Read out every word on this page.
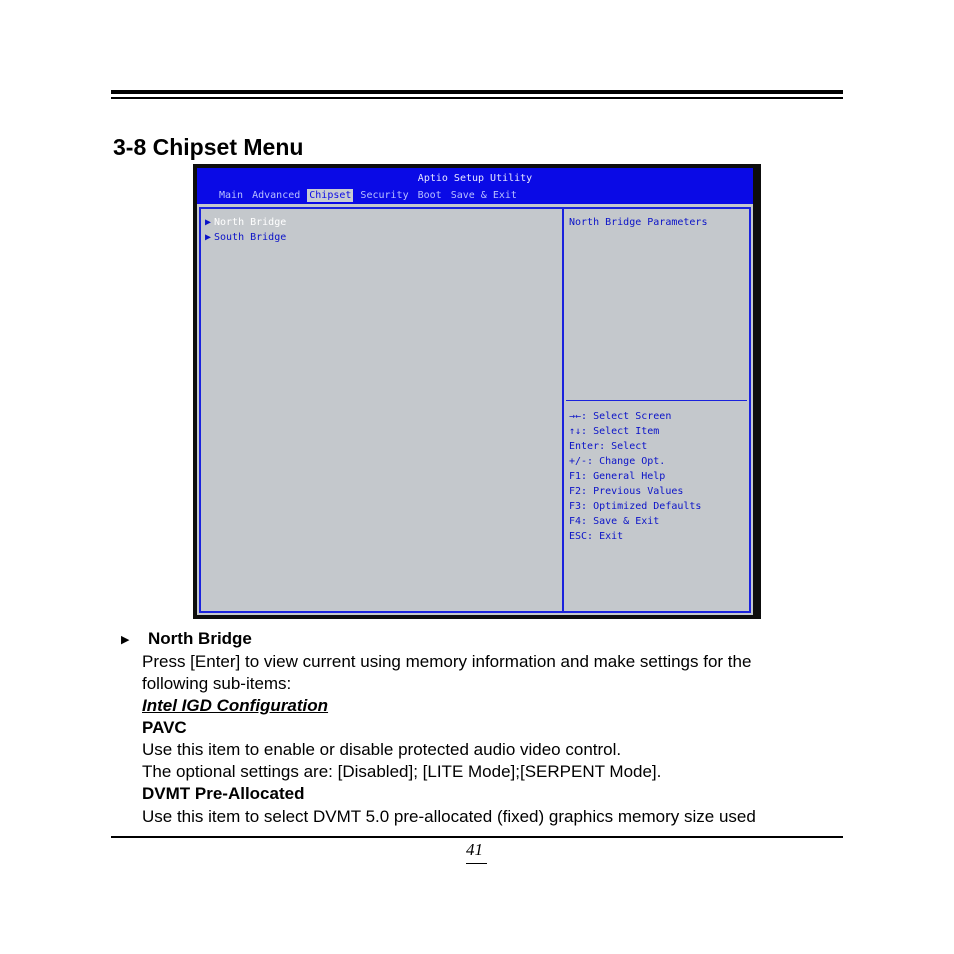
3-8 Chipset Menu
Aptio Setup Utility
Main Advanced Chipset Security Boot Save & Exit
▶ North Bridge
▶ South Bridge
North Bridge Parameters
→←: Select Screen
↑↓: Select Item
Enter: Select
+/-: Change Opt.
F1: General Help
F2: Previous Values
F3: Optimized Defaults
F4: Save & Exit
ESC: Exit
▶ North Bridge
Press [Enter] to view current using memory information and make settings for the
following sub-items:
Intel IGD Configuration
PAVC
Use this item to enable or disable protected audio video control.
The optional settings are: [Disabled]; [LITE Mode];[SERPENT Mode].
DVMT Pre-Allocated
Use this item to select DVMT 5.0 pre-allocated (fixed) graphics memory size used
41
